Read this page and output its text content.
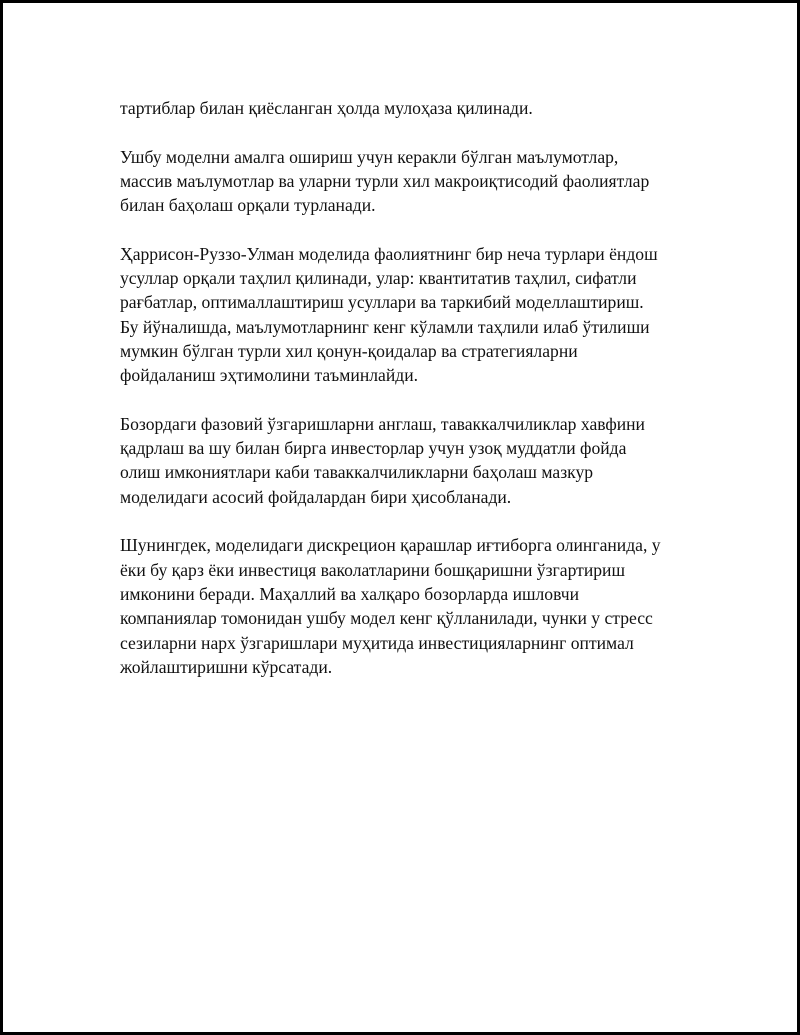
тартиблар билан қиёсланган ҳолда мулоҳаза қилинади.

Ушбу моделни амалга ошириш учун керакли бўлган маълумотлар,
массив маълумотлар ва уларни турли хил макроиқтисодий фаолиятлар
билан баҳолаш орқали турланади.

Ҳаррисон-Руззо-Улман моделида фаолиятнинг бир неча турлари ёндош
усуллар орқали таҳлил қилинади, улар: квантитатив таҳлил, сифатли
рағбатлар, оптималлаштириш усуллари ва таркибий моделлаштириш.
Бу йўналишда, маълумотларнинг кенг кўламли таҳлили илаб ўтилиши
мумкин бўлган турли хил қонун-қоидалар ва стратегияларни
фойдаланиш эҳтимолини таъминлайди.

Бозордаги фазовий ўзгаришларни англаш, таваккалчиликлар хавфини
қадрлаш ва шу билан бирга инвесторлар учун узоқ муддатли фойда
олиш имкониятлари каби таваккалчиликларни баҳолаш мазкур
моделидаги асосий фойдалардан бири ҳисобланади.

Шунингдек, моделидаги дискрецион қарашлар иғтиборга олинганида, у
ёки бу қарз ёки инвестиця ваколатларини бошқаришни ўзгартириш
имконини беради. Маҳаллий ва халқаро бозорларда ишловчи
компаниялар томонидан ушбу модел кенг қўлланилади, чунки у стресс
сезиларни нарх ўзгаришлари муҳитида инвестицияларнинг оптимал
жойлаштиришни кўрсатади.
